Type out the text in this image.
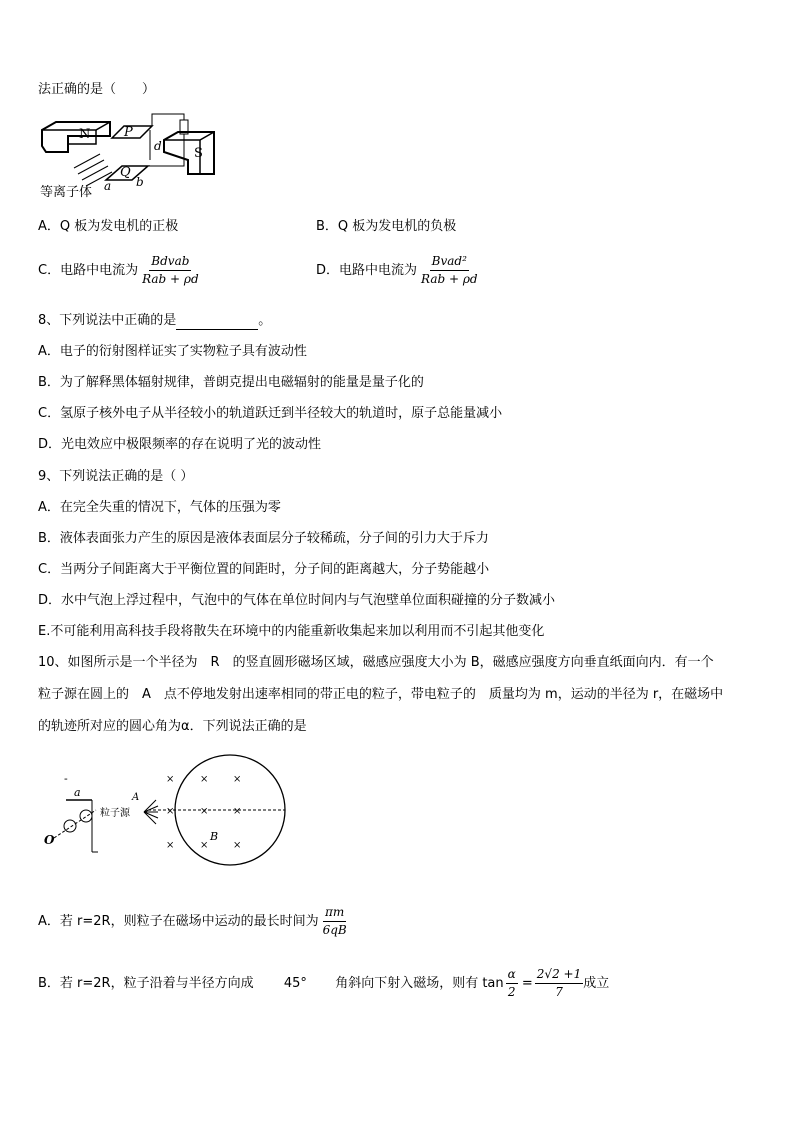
法正确的是（　　）
N	P
d S
Q
a b
等离子体
A．Q 板为发电机的正极	B．Q 板为发电机的负极
C．电路中电流为 $\frac{\text{Bdvab}}{\text{Rab + ρd}}$	D．电路中电流为 $\frac{\text{Bvad²}}{\text{Rab + ρd}}$
8、下列说法中正确的是	。
A．电子的衍射图样证实了实物粒子具有波动性
B．为了解释黑体辐射规律，普朗克提出电磁辐射的能量是量子化的
C．氢原子核外电子从半径较小的轨道跃迁到半径较大的轨道时，原子总能量减小
D．光电效应中极限频率的存在说明了光的波动性
9、下列说法正确的是（ ）
A．在完全失重的情况下，气体的压强为零
B．液体表面张力产生的原因是液体表面层分子较稀疏，分子间的引力大于斥力
C．当两分子间距离大于平衡位置的间距时，分子间的距离越大，分子势能越小
D．水中气泡上浮过程中，气泡中的气体在单位时间内与气泡壁单位面积碰撞的分子数减小
E.不可能利用高科技手段将散失在环境中的内能重新收集起来加以利用而不引起其他变化
10、如图所示是一个半径为　R　的竖直圆形磁场区域，磁感应强度大小为 B，磁感应强度方向垂直纸面向内．有一个
粒子源在圆上的　A　点不停地发射出速率相同的带正电的粒子，带电粒子的　质量均为 m，运动的半径为 r，在磁场中
的轨迹所对应的圆心角为α．下列说法正确的是
×	× ×
×	× ×
×	× ×
A
B
粒子源
-
a
O
A．若 r=2R，则粒子在磁场中运动的最长时间为 $\frac{\pi m}{6qB}$
B．若 r=2R，粒子沿着与半径方向成 45° 角斜向下射入磁场，则有 $\tan \frac{\alpha}{2} = \frac{2√2 +1}{7}$ 成立
